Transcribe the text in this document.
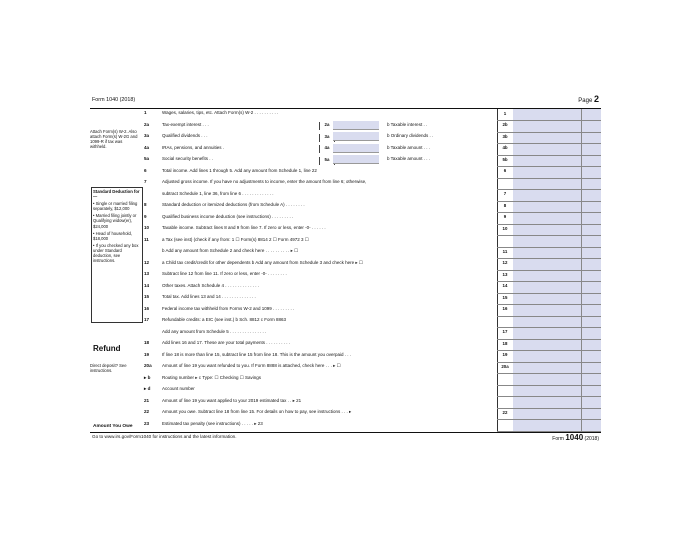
Form 1040 (2018)	Page 2
1	Wages, salaries, tips, etc. Attach Form(s) W-2 . . . . . . . . . .	1
2a	Tax-exempt interest . . .	2a	b Taxable interest . .	2b
3a	Qualified dividends . . .	3a	b Ordinary dividends . .	3b
4a	IRAs, pensions, and annuities .	4a	b Taxable amount . . .	4b
5a	Social security benefits . .	5a	b Taxable amount . . .	5b
6	Total income. Add lines 1 through 5. Add any amount from Schedule 1, line 22	6
7	Adjusted gross income. If you have no adjustments to income, enter the amount from line 6; otherwise,
subtract Schedule 1, line 36, from line 6 . . . . . . . . . . . . .	7
8	Standard deduction or itemized deductions (from Schedule A) . . . . . . . .	8
9	Qualified business income deduction (see instructions) . . . . . . . . .	9
10	Taxable income. Subtract lines 8 and 9 from line 7. If zero or less, enter -0- . . . . . .	10
11	a Tax (see inst) (check if any from: 1 ☐ Form(s) 8814 2 ☐ Form 4972 3 ☐
b Add any amount from Schedule 2 and check here . . . . . . . . . . ▸ ☐	11
12	a Child tax credit/credit for other dependents b Add any amount from Schedule 3 and check here ▸ ☐	12
13	Subtract line 12 from line 11. If zero or less, enter -0- . . . . . . . .	13
14	Other taxes. Attach Schedule 4 . . . . . . . . . . . . . .	14
15	Total tax. Add lines 13 and 14 . . . . . . . . . . . . . .	15
16	Federal income tax withheld from Forms W-2 and 1099 . . . . . . . . .	16
17	Refundable credits: a EIC (see inst.) b Sch. 8812 c Form 8863
Add any amount from Schedule 5 . . . . . . . . . . . . . . .	17
18	Add lines 16 and 17. These are your total payments . . . . . . . . . .	18
19	If line 18 is more than line 15, subtract line 15 from line 18. This is the amount you overpaid . . .	19
20a	Amount of line 19 you want refunded to you. If Form 8888 is attached, check here . . . ▸ ☐	20a
▸ b	Routing number ▸ c Type: ☐ Checking ☐ Savings
▸ d	Account number
21	Amount of line 19 you want applied to your 2019 estimated tax . . ▸ 21
22	Amount you owe. Subtract line 18 from line 15. For details on how to pay, see instructions . . . ▸	22
23	Estimated tax penalty (see instructions) . . . . . ▸ 23
Attach Form(s) W-2. Also attach Form(s) W-2G and 1099-R if tax was withheld.
Standard Deduction for—
• Single or married filing separately, $12,000
• Married filing jointly or Qualifying widow(er), $24,000
• Head of household, $18,000
• If you checked any box under Standard deduction, see instructions.
Refund
Direct deposit? See instructions.
Amount You Owe
Go to www.irs.gov/Form1040 for instructions and the latest information.	Form 1040 (2018)
